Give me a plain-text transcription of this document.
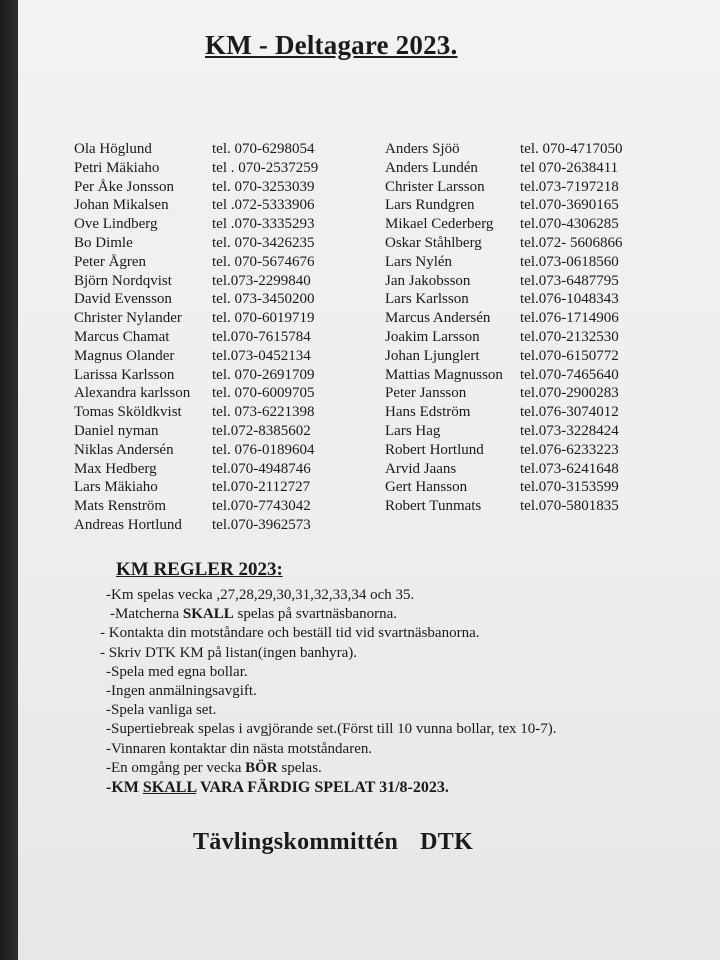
KM - Deltagare 2023.
Ola Höglund	tel. 070-6298054
Petri Mäkiaho	tel . 070-2537259
Per Åke Jonsson	tel. 070-3253039
Johan Mikalsen	tel .072-5333906
Ove Lindberg	tel .070-3335293
Bo Dimle	tel. 070-3426235
Peter Ågren	tel. 070-5674676
Björn Nordqvist	tel.073-2299840
David Evensson	tel. 073-3450200
Christer Nylander	tel. 070-6019719
Marcus Chamat	tel.070-7615784
Magnus Olander	tel.073-0452134
Larissa Karlsson	tel. 070-2691709
Alexandra karlsson	tel. 070-6009705
Tomas Sköldkvist	tel. 073-6221398
Daniel nyman	tel.072-8385602
Niklas Andersén	tel. 076-0189604
Max Hedberg	tel.070-4948746
Lars Mäkiaho	tel.070-2112727
Mats Renström	tel.070-7743042
Andreas Hortlund	tel.070-3962573
Anders Sjöö	tel. 070-4717050
Anders Lundén	tel 070-2638411
Christer Larsson	tel.073-7197218
Lars Rundgren	tel.070-3690165
Mikael Cederberg	tel.070-4306285
Oskar Ståhlberg	tel.072- 5606866
Lars Nylén	tel.073-0618560
Jan Jakobsson	tel.073-6487795
Lars Karlsson	tel.076-1048343
Marcus Andersén	tel.076-1714906
Joakim Larsson	tel.070-2132530
Johan Ljunglert	tel.070-6150772
Mattias Magnusson	tel.070-7465640
Peter Jansson	tel.070-2900283
Hans Edström	tel.076-3074012
Lars Hag	tel.073-3228424
Robert Hortlund	tel.076-6233223
Arvid Jaans	tel.073-6241648
Gert Hansson	tel.070-3153599
Robert Tunmats	tel.070-5801835
KM REGLER 2023:
-Km spelas vecka ,27,28,29,30,31,32,33,34 och 35.
-Matcherna SKALL spelas på svartnäsbanorna.
- Kontakta din motståndare och beställ tid vid svartnäsbanorna.
- Skriv DTK KM på listan(ingen banhyra).
-Spela med egna bollar.
-Ingen anmälningsavgift.
-Spela vanliga set.
-Supertiebreak spelas i avgjörande set.(Först till 10 vunna bollar, tex 10-7).
-Vinnaren kontaktar din nästa motståndaren.
-En omgång per vecka BÖR spelas.
-KM SKALL VARA FÄRDIG SPELAT 31/8-2023.
Tävlingskommittén DTK
